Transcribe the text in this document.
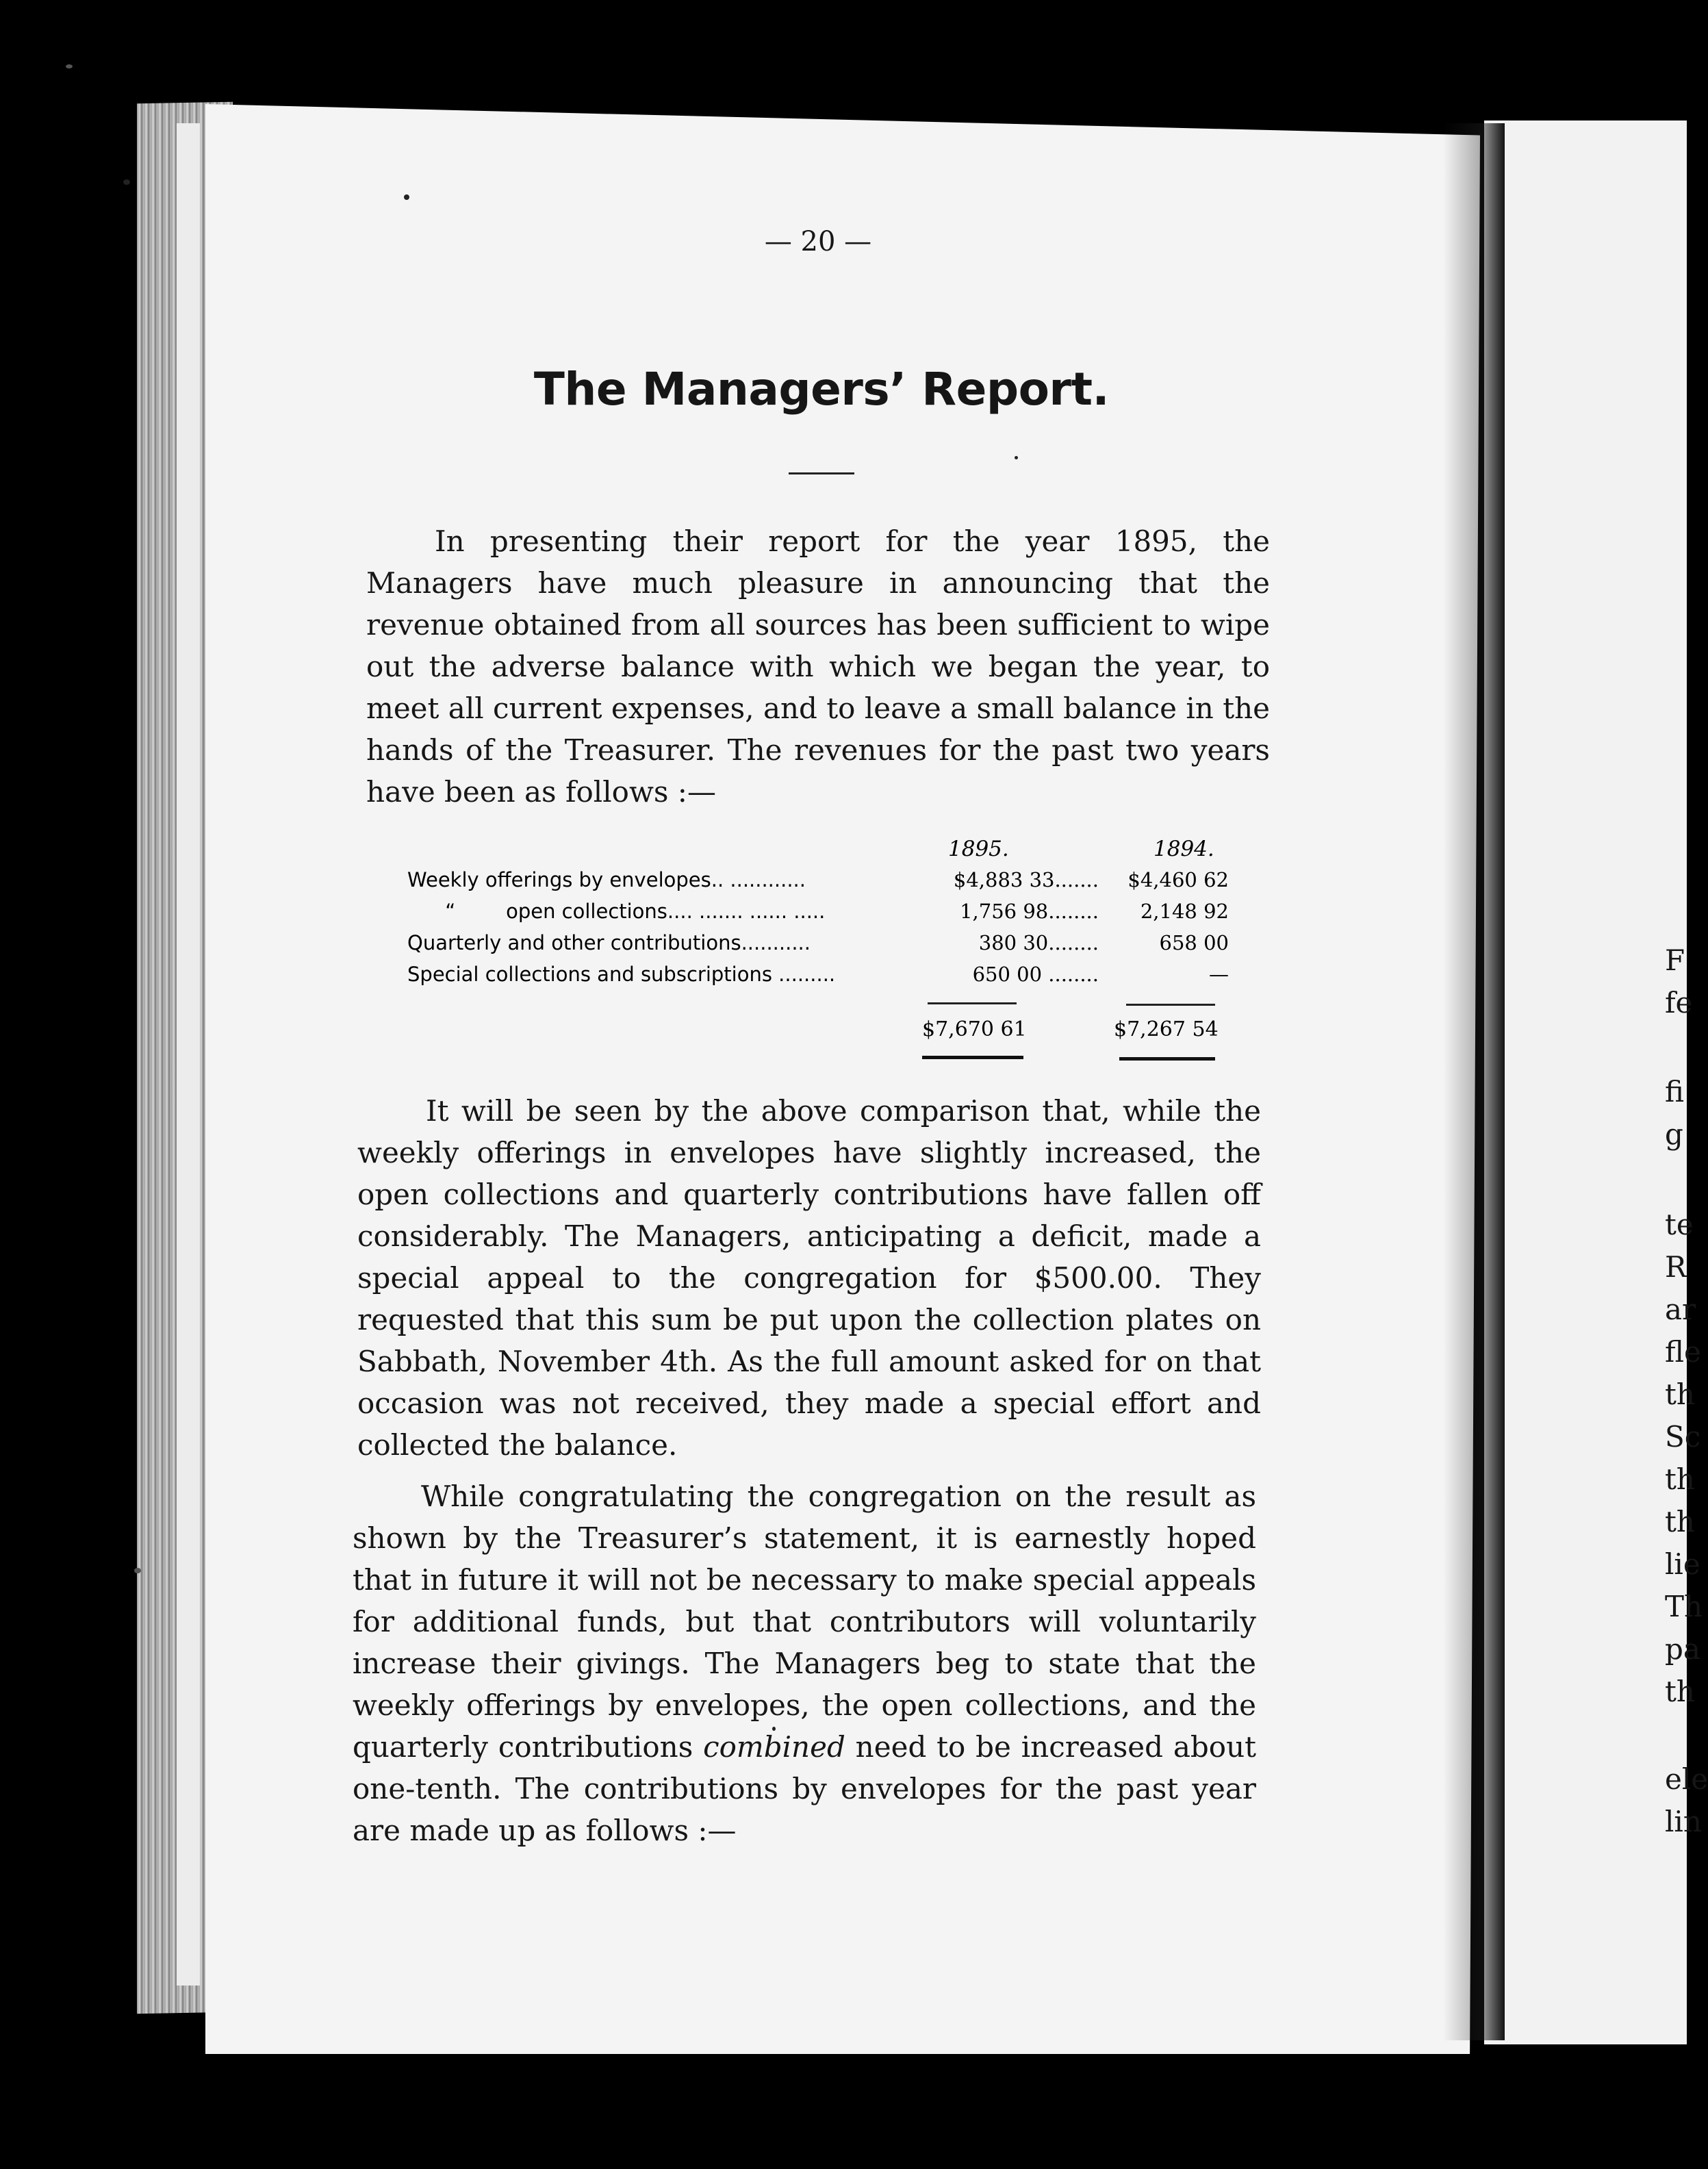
— 20 —
The Managers’ Report.

In presenting their report for the year 1895, the Managers have much pleasure in announcing that the revenue obtained from all sources has been sufficient to wipe out the adverse balance with which we began the year, to meet all current expenses, and to leave a small balance in the hands of the Treasurer. The revenues for the past two years have been as follows :—

1895.	1894.
Weekly offerings by envelopes.. ............	$4,883 33.......	$4,460 62
“        open collections.... ....... ...... .....	1,756 98........	2,148 92
Quarterly and other contributions...........	380 30........	658 00
Special collections and subscriptions .........	650 00 ........	—
$7,670 61	$7,267 54

It will be seen by the above comparison that, while the weekly offerings in envelopes have slightly increased, the open collections and quarterly contributions have fallen off considerably. The Managers, anticipating a deficit, made a special appeal to the congregation for $500.00. They requested that this sum be put upon the collection plates on Sabbath, November 4th. As the full amount asked for on that occasion was not received, they made a special effort and collected the balance.

While congratulating the congregation on the result as shown by the Treasurer’s statement, it is earnestly hoped that in future it will not be necessary to make special appeals for additional funds, but that contributors will voluntarily increase their givings. The Managers beg to state that the weekly offerings by envelopes, the open collections, and the quarterly contributions combined need to be increased about one-tenth. The contributions by envelopes for the past year are made up as follows :—

F
fe
fi
g
te
R
ar
fle
th
Sc
th
th
lie
Th
pa
th
ele
lin
